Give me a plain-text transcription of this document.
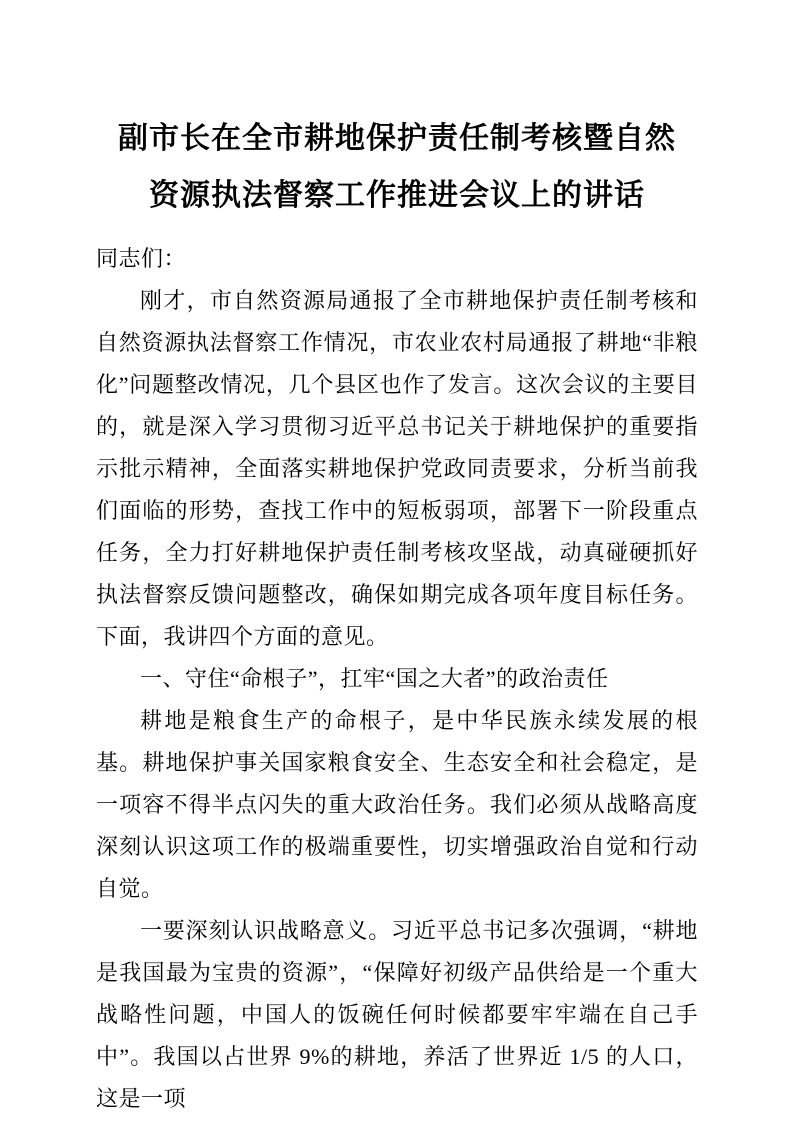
副市长在全市耕地保护责任制考核暨自然资源执法督察工作推进会议上的讲话

同志们：

刚才，市自然资源局通报了全市耕地保护责任制考核和自然资源执法督察工作情况，市农业农村局通报了耕地“非粮化”问题整改情况，几个县区也作了发言。这次会议的主要目的，就是深入学习贯彻习近平总书记关于耕地保护的重要指示批示精神，全面落实耕地保护党政同责要求，分析当前我们面临的形势，查找工作中的短板弱项，部署下一阶段重点任务，全力打好耕地保护责任制考核攻坚战，动真碰硬抓好执法督察反馈问题整改，确保如期完成各项年度目标任务。下面，我讲四个方面的意见。

一、守住“命根子”，扛牢“国之大者”的政治责任

耕地是粮食生产的命根子，是中华民族永续发展的根基。耕地保护事关国家粮食安全、生态安全和社会稳定，是一项容不得半点闪失的重大政治任务。我们必须从战略高度深刻认识这项工作的极端重要性，切实增强政治自觉和行动自觉。

一要深刻认识战略意义。习近平总书记多次强调，“耕地是我国最为宝贵的资源”，“保障好初级产品供给是一个重大战略性问题，中国人的饭碗任何时候都要牢牢端在自己手中”。我国以占世界 9%的耕地，养活了世界近 1/5 的人口，这是一项
